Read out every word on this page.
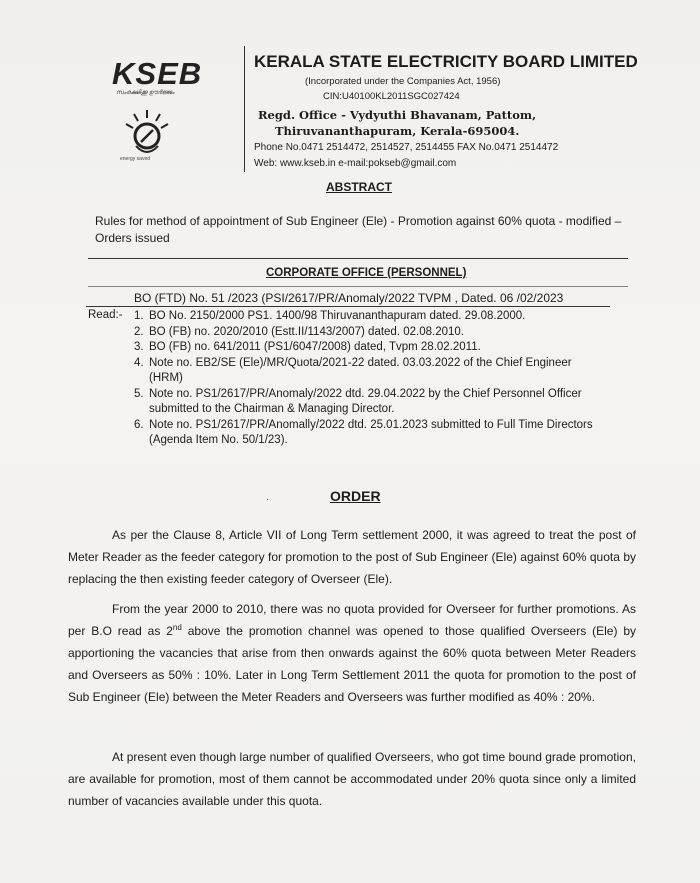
KSEB
സംരക്ഷിക്കൂ ഊർജ്ജം
energy saved
KERALA STATE ELECTRICITY BOARD LIMITED
(Incorporated under the Companies Act, 1956)
CIN:U40100KL2011SGC027424
Regd. Office - Vydyuthi Bhavanam, Pattom,
Thiruvananthapuram, Kerala-695004.
Phone No.0471 2514472, 2514527, 2514455 FAX No.0471 2514472
Web: www.kseb.in e-mail:pokseb@gmail.com
ABSTRACT
Rules for method of appointment of Sub Engineer (Ele) - Promotion against 60% quota - modified – Orders issued
CORPORATE OFFICE (PERSONNEL)
BO (FTD) No. 51 /2023 (PSI/2617/PR/Anomaly/2022 TVPM , Dated. 06 /02/2023
Read:- 1. BO No. 2150/2000 PS1. 1400/98 Thiruvananthapuram dated. 29.08.2000.
2. BO (FB) no. 2020/2010 (Estt.II/1143/2007) dated. 02.08.2010.
3. BO (FB) no. 641/2011 (PS1/6047/2008) dated, Tvpm 28.02.2011.
4. Note no. EB2/SE (Ele)/MR/Quota/2021-22 dated. 03.03.2022 of the Chief Engineer (HRM)
5. Note no. PS1/2617/PR/Anomaly/2022 dtd. 29.04.2022 by the Chief Personnel Officer submitted to the Chairman & Managing Director.
6. Note no. PS1/2617/PR/Anomally/2022 dtd. 25.01.2023 submitted to Full Time Directors (Agenda Item No. 50/1/23).
·	ORDER
As per the Clause 8, Article VII of Long Term settlement 2000, it was agreed to treat the post of Meter Reader as the feeder category for promotion to the post of Sub Engineer (Ele) against 60% quota by replacing the then existing feeder category of Overseer (Ele).
From the year 2000 to 2010, there was no quota provided for Overseer for further promotions. As per B.O read as 2nd above the promotion channel was opened to those qualified Overseers (Ele) by apportioning the vacancies that arise from then onwards against the 60% quota between Meter Readers and Overseers as 50% : 10%. Later in Long Term Settlement 2011 the quota for promotion to the post of Sub Engineer (Ele) between the Meter Readers and Overseers was further modified as 40% : 20%.
At present even though large number of qualified Overseers, who got time bound grade promotion, are available for promotion, most of them cannot be accommodated under 20% quota since only a limited number of vacancies available under this quota.
